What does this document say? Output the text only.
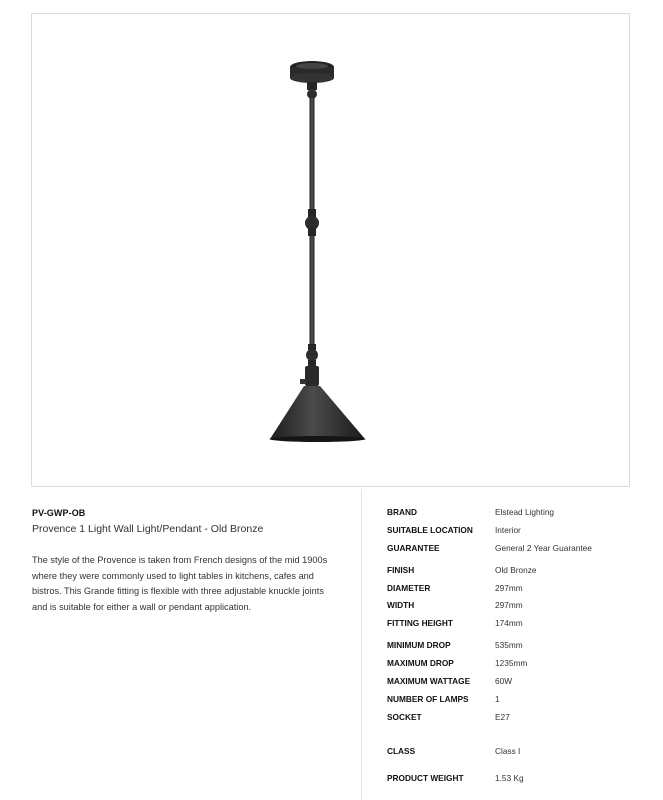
PV-GWP-OB
Provence 1 Light Wall Light/Pendant - Old Bronze
The style of the Provence is taken from French designs of the mid 1900s where they were commonly used to light tables in kitchens, cafes and bistros. This Grande fitting is flexible with three adjustable knuckle joints and is suitable for either a wall or pendant application.
BRAND	Elstead Lighting
SUITABLE LOCATION	Interior
GUARANTEE	General 2 Year Guarantee
FINISH	Old Bronze
DIAMETER	297mm
WIDTH	297mm
FITTING HEIGHT	174mm
MINIMUM DROP	535mm
MAXIMUM DROP	1235mm
MAXIMUM WATTAGE	60W
NUMBER OF LAMPS	1
SOCKET	E27
CLASS	Class I
PRODUCT WEIGHT	1.53 Kg
